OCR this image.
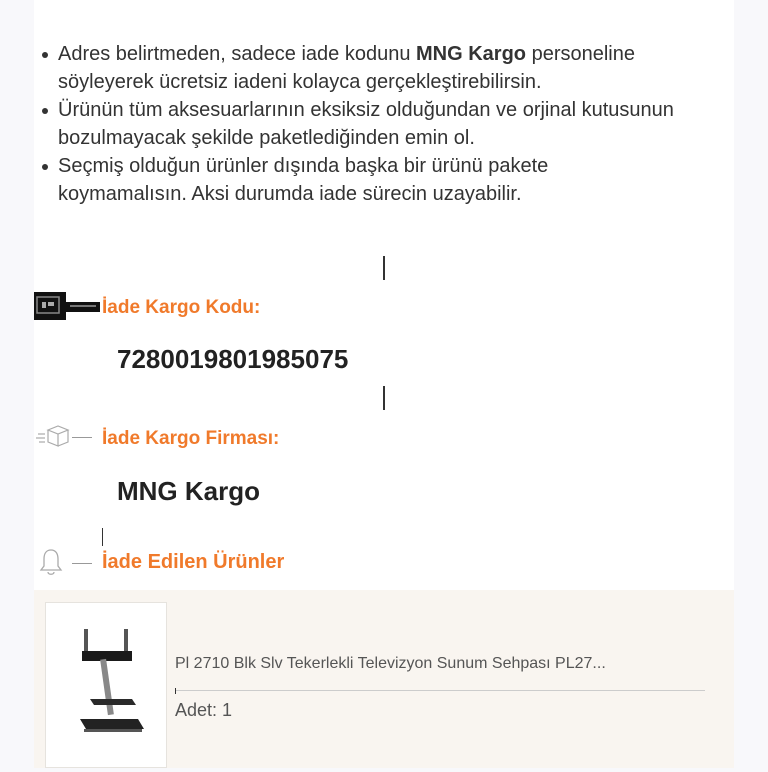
Adres belirtmeden, sadece iade kodunu MNG Kargo personeline söyleyerek ücretsiz iadeni kolayca gerçekleştirebilirsin.
Ürünün tüm aksesuarlarının eksiksiz olduğundan ve orjinal kutusunun bozulmayacak şekilde paketlediğinden emin ol.
Seçmiş olduğun ürünler dışında başka bir ürünü pakete koymamalısın. Aksi durumda iade sürecin uzayabilir.
İade Kargo Kodu:
7280019801985075
İade Kargo Firması:
MNG Kargo
İade Edilen Ürünler
Pl 2710 Blk Slv Tekerlekli Televizyon Sunum Sehpası PL27...
Adet: 1
